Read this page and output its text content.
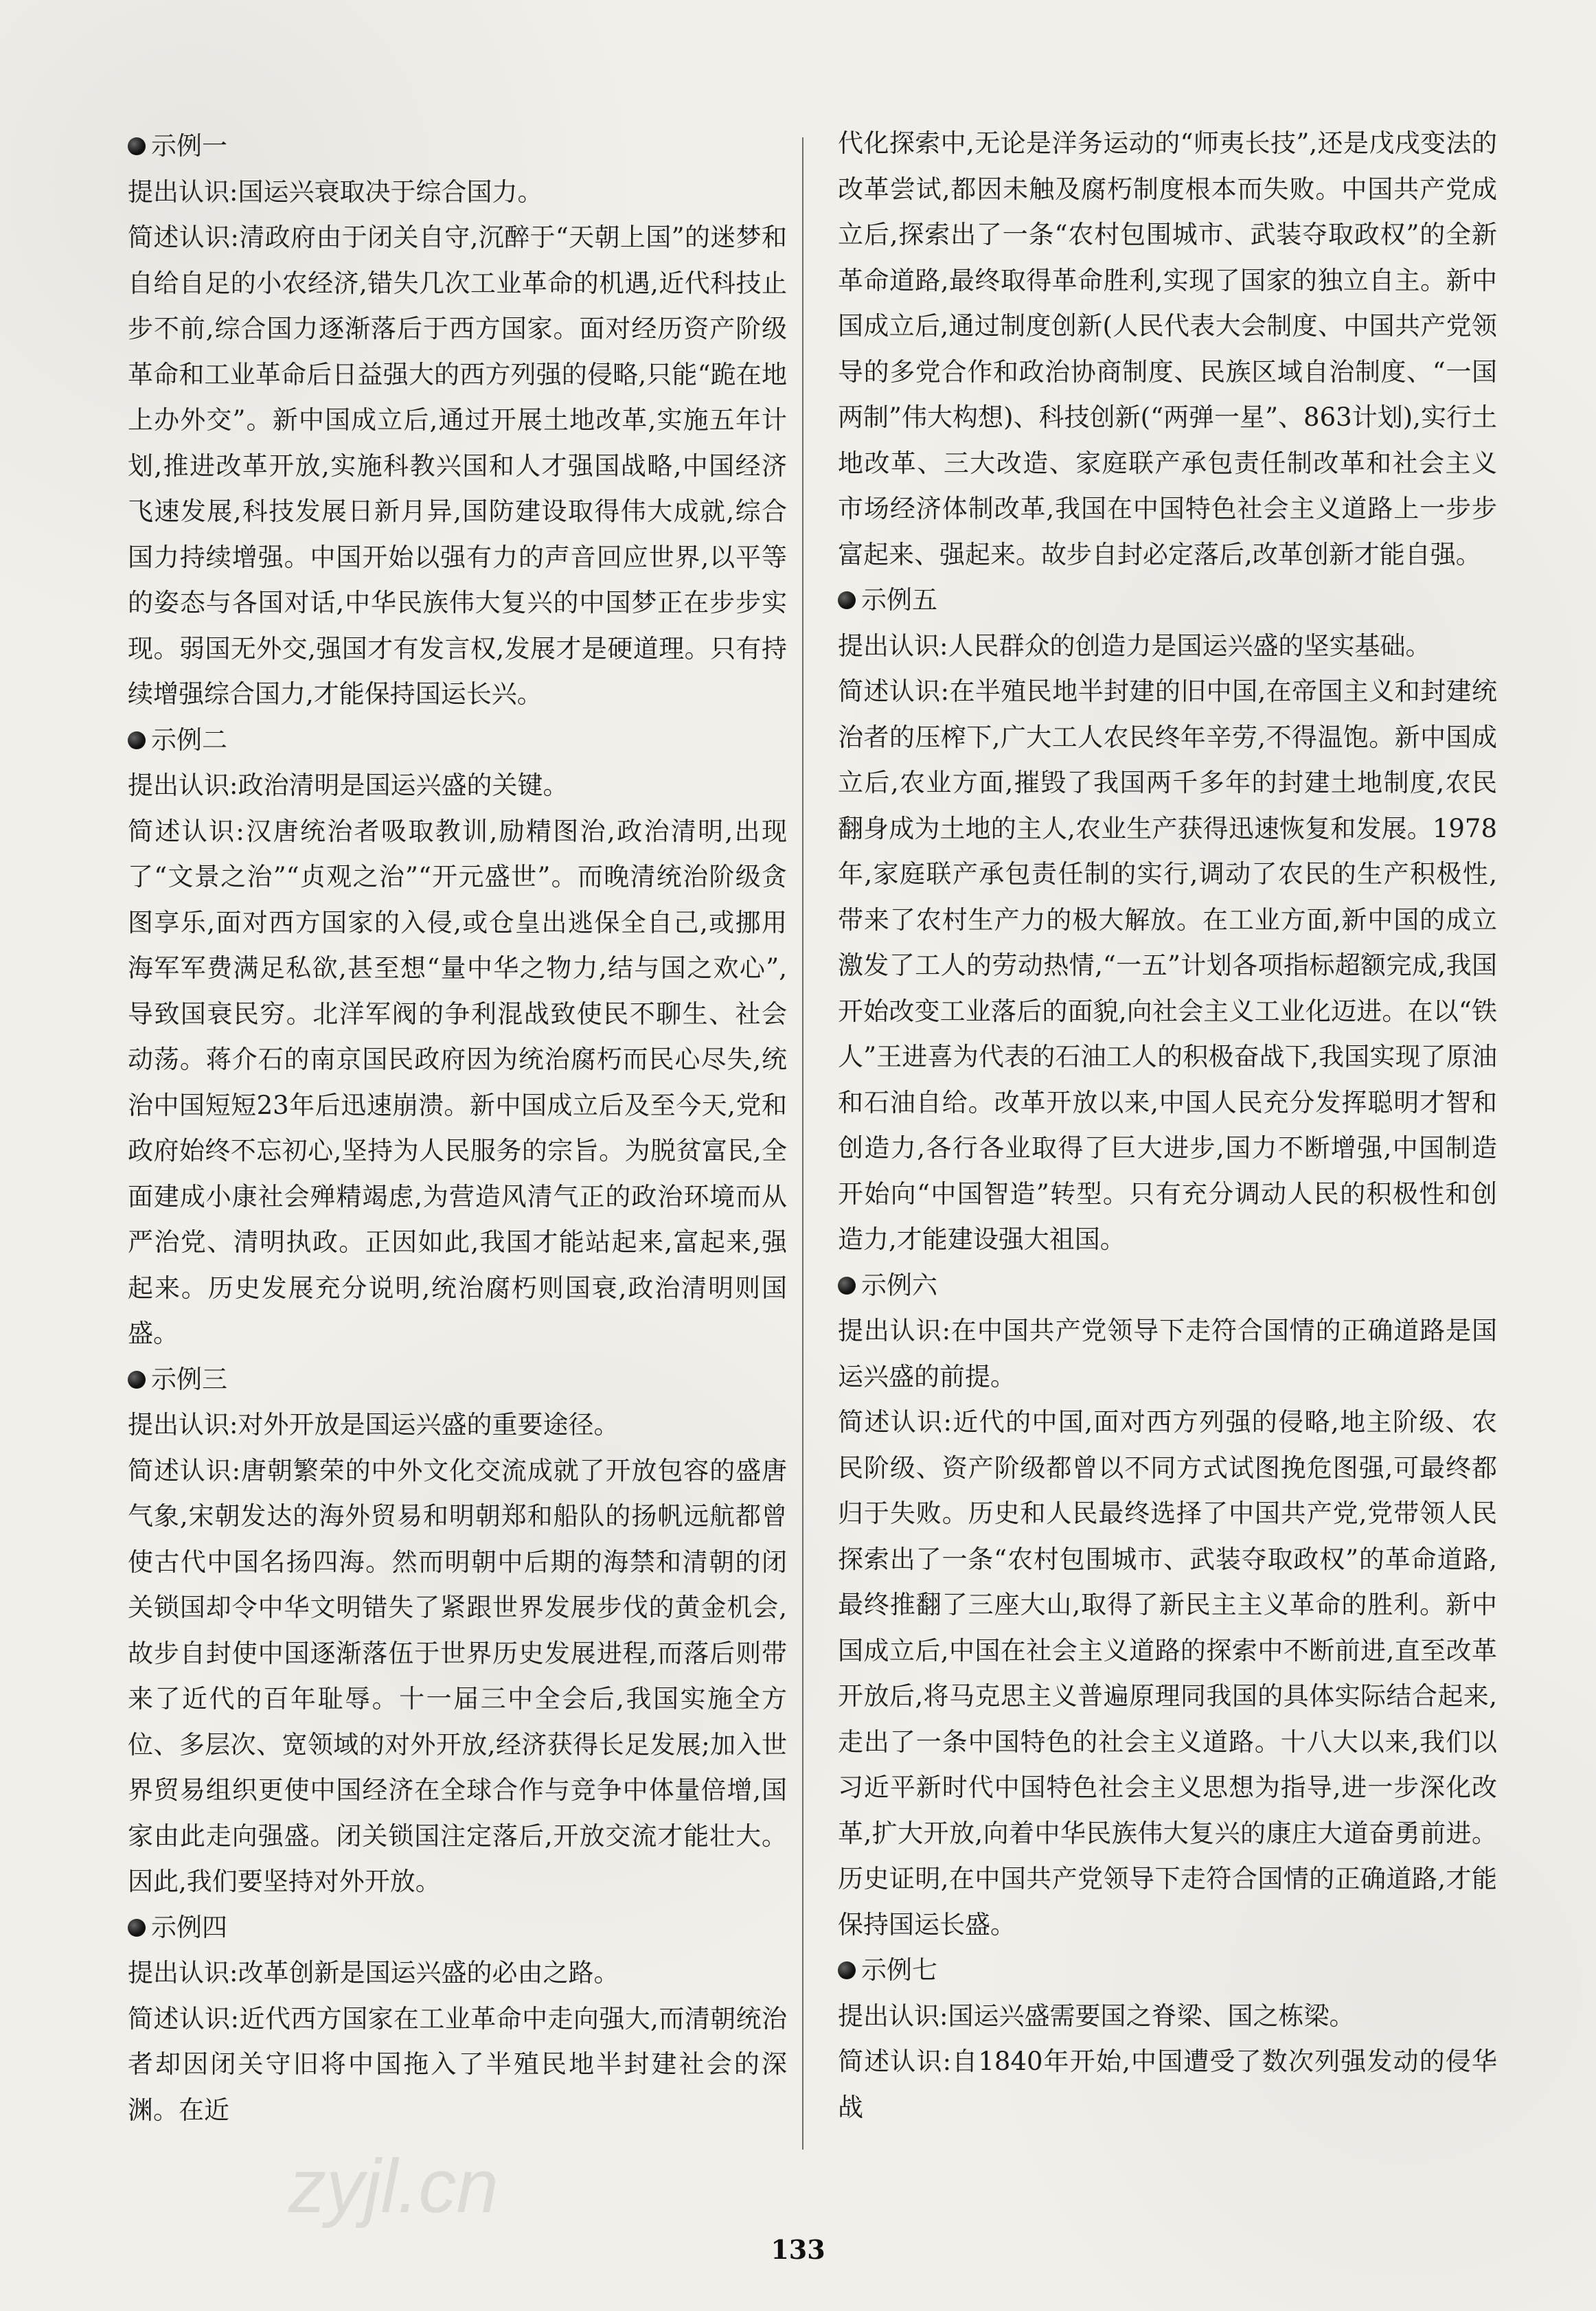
zyjl.cn

示例一

提出认识:国运兴衰取决于综合国力。

简述认识:清政府由于闭关自守,沉醉于“天朝上国”的迷梦和自给自足的小农经济,错失几次工业革命的机遇,近代科技止步不前,综合国力逐渐落后于西方国家。面对经历资产阶级革命和工业革命后日益强大的西方列强的侵略,只能“跪在地上办外交”。新中国成立后,通过开展土地改革,实施五年计划,推进改革开放,实施科教兴国和人才强国战略,中国经济飞速发展,科技发展日新月异,国防建设取得伟大成就,综合国力持续增强。中国开始以强有力的声音回应世界,以平等的姿态与各国对话,中华民族伟大复兴的中国梦正在步步实现。弱国无外交,强国才有发言权,发展才是硬道理。只有持续增强综合国力,才能保持国运长兴。

示例二

提出认识:政治清明是国运兴盛的关键。

简述认识:汉唐统治者吸取教训,励精图治,政治清明,出现了“文景之治”“贞观之治”“开元盛世”。而晚清统治阶级贪图享乐,面对西方国家的入侵,或仓皇出逃保全自己,或挪用海军军费满足私欲,甚至想“量中华之物力,结与国之欢心”,导致国衰民穷。北洋军阀的争利混战致使民不聊生、社会动荡。蒋介石的南京国民政府因为统治腐朽而民心尽失,统治中国短短23年后迅速崩溃。新中国成立后及至今天,党和政府始终不忘初心,坚持为人民服务的宗旨。为脱贫富民,全面建成小康社会殚精竭虑,为营造风清气正的政治环境而从严治党、清明执政。正因如此,我国才能站起来,富起来,强起来。历史发展充分说明,统治腐朽则国衰,政治清明则国盛。

示例三

提出认识:对外开放是国运兴盛的重要途径。

简述认识:唐朝繁荣的中外文化交流成就了开放包容的盛唐气象,宋朝发达的海外贸易和明朝郑和船队的扬帆远航都曾使古代中国名扬四海。然而明朝中后期的海禁和清朝的闭关锁国却令中华文明错失了紧跟世界发展步伐的黄金机会,故步自封使中国逐渐落伍于世界历史发展进程,而落后则带来了近代的百年耻辱。十一届三中全会后,我国实施全方位、多层次、宽领域的对外开放,经济获得长足发展;加入世界贸易组织更使中国经济在全球合作与竞争中体量倍增,国家由此走向强盛。闭关锁国注定落后,开放交流才能壮大。因此,我们要坚持对外开放。

示例四

提出认识:改革创新是国运兴盛的必由之路。

简述认识:近代西方国家在工业革命中走向强大,而清朝统治者却因闭关守旧将中国拖入了半殖民地半封建社会的深渊。在近

代化探索中,无论是洋务运动的“师夷长技”,还是戊戌变法的改革尝试,都因未触及腐朽制度根本而失败。中国共产党成立后,探索出了一条“农村包围城市、武装夺取政权”的全新革命道路,最终取得革命胜利,实现了国家的独立自主。新中国成立后,通过制度创新(人民代表大会制度、中国共产党领导的多党合作和政治协商制度、民族区域自治制度、“一国两制”伟大构想)、科技创新(“两弹一星”、863计划),实行土地改革、三大改造、家庭联产承包责任制改革和社会主义市场经济体制改革,我国在中国特色社会主义道路上一步步富起来、强起来。故步自封必定落后,改革创新才能自强。

示例五

提出认识:人民群众的创造力是国运兴盛的坚实基础。

简述认识:在半殖民地半封建的旧中国,在帝国主义和封建统治者的压榨下,广大工人农民终年辛劳,不得温饱。新中国成立后,农业方面,摧毁了我国两千多年的封建土地制度,农民翻身成为土地的主人,农业生产获得迅速恢复和发展。1978年,家庭联产承包责任制的实行,调动了农民的生产积极性,带来了农村生产力的极大解放。在工业方面,新中国的成立激发了工人的劳动热情,“一五”计划各项指标超额完成,我国开始改变工业落后的面貌,向社会主义工业化迈进。在以“铁人”王进喜为代表的石油工人的积极奋战下,我国实现了原油和石油自给。改革开放以来,中国人民充分发挥聪明才智和创造力,各行各业取得了巨大进步,国力不断增强,中国制造开始向“中国智造”转型。只有充分调动人民的积极性和创造力,才能建设强大祖国。

示例六

提出认识:在中国共产党领导下走符合国情的正确道路是国运兴盛的前提。

简述认识:近代的中国,面对西方列强的侵略,地主阶级、农民阶级、资产阶级都曾以不同方式试图挽危图强,可最终都归于失败。历史和人民最终选择了中国共产党,党带领人民探索出了一条“农村包围城市、武装夺取政权”的革命道路,最终推翻了三座大山,取得了新民主主义革命的胜利。新中国成立后,中国在社会主义道路的探索中不断前进,直至改革开放后,将马克思主义普遍原理同我国的具体实际结合起来,走出了一条中国特色的社会主义道路。十八大以来,我们以习近平新时代中国特色社会主义思想为指导,进一步深化改革,扩大开放,向着中华民族伟大复兴的康庄大道奋勇前进。历史证明,在中国共产党领导下走符合国情的正确道路,才能保持国运长盛。

示例七

提出认识:国运兴盛需要国之脊梁、国之栋梁。

简述认识:自1840年开始,中国遭受了数次列强发动的侵华战

133
